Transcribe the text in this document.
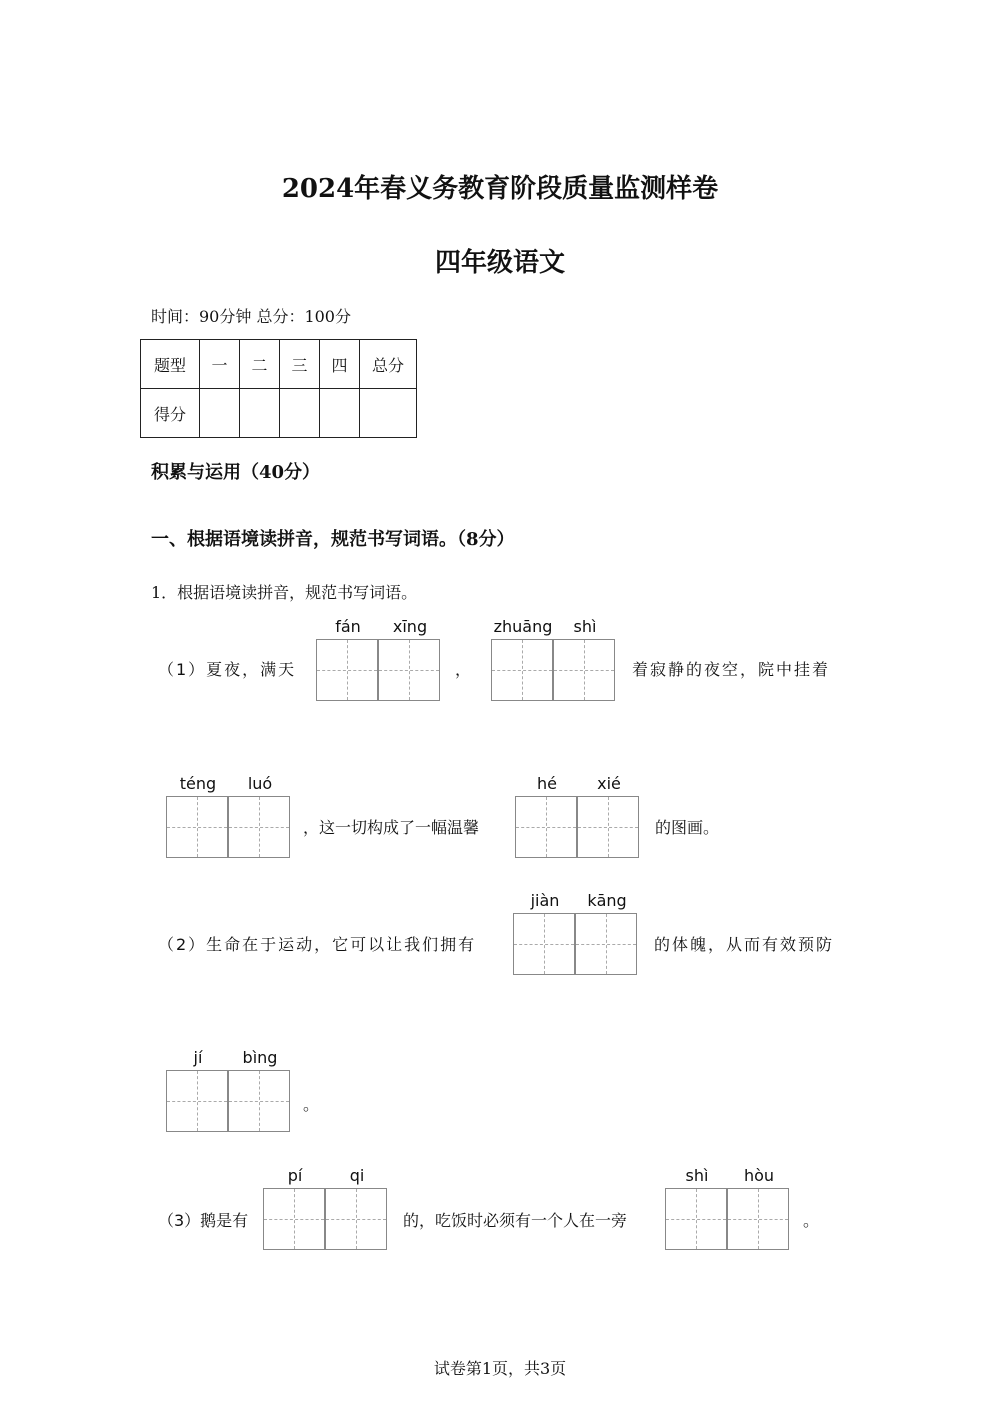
2024年春义务教育阶段质量监测样卷
四年级语文
时间：90分钟 总分：100分
题型	一	二	三	四	总分
得分					
积累与运用（40分）
一、根据语境读拼音，规范书写词语。（8分）
1．根据语境读拼音，规范书写词语。
（1）夏夜，满天
fán	xīng
，
zhuāng	shì
着寂静的夜空，院中挂着
téng	luó
，这一切构成了一幅温馨
hé	xié
的图画。
（2）生命在于运动，它可以让我们拥有
jiàn	kāng
的体魄，从而有效预防
jí	bìng
。
（3）鹅是有
pí	qi
的，吃饭时必须有一个人在一旁
shì	hòu
。
试卷第1页，共3页
